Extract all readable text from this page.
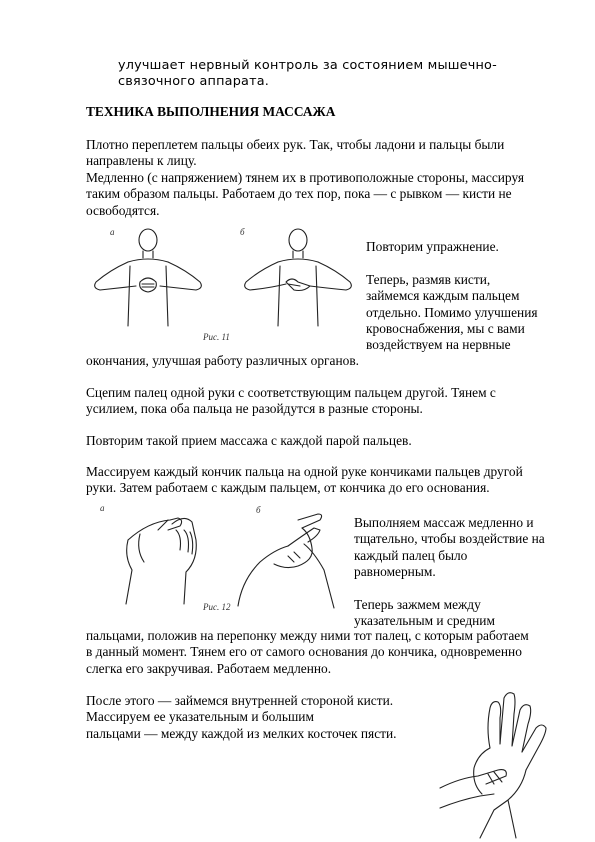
улучшает нервный контроль за состоянием мышечно-
связочного аппарата.

ТЕХНИКА ВЫПОЛНЕНИЯ МАССАЖА

Плотно переплетем пальцы обеих рук. Так, чтобы ладони и пальцы были
направлены к лицу.
Медленно (с напряжением) тянем их в противоположные стороны, массируя
таким образом пальцы. Работаем до тех пор, пока — с рывком — кисти не
освободятся.

а	б
Рис. 11

Повторим упражнение.

Теперь, размяв кисти,
займемся каждым пальцем
отдельно. Помимо улучшения
кровоснабжения, мы с вами
воздействуем на нервные

окончания, улучшая работу различных органов.

Сцепим палец одной руки с соответствующим пальцем другой. Тянем с
усилием, пока оба пальца не разойдутся в разные стороны.

Повторим такой прием массажа с каждой парой пальцев.

Массируем каждый кончик пальца на одной руке кончиками пальцев другой
руки. Затем работаем с каждым пальцем, от кончика до его основания.

а	б
Рис. 12

Выполняем массаж медленно и
тщательно, чтобы воздействие на
каждый палец было
равномерным.

Теперь зажмем между
указательным и средним

пальцами, положив на перепонку между ними тот палец, с которым работаем
в данный момент. Тянем его от самого основания до кончика, одновременно
слегка его закручивая. Работаем медленно.

После этого — займемся внутренней стороной кисти.
Массируем ее указательным и большим
пальцами — между каждой из мелких косточек пясти.
